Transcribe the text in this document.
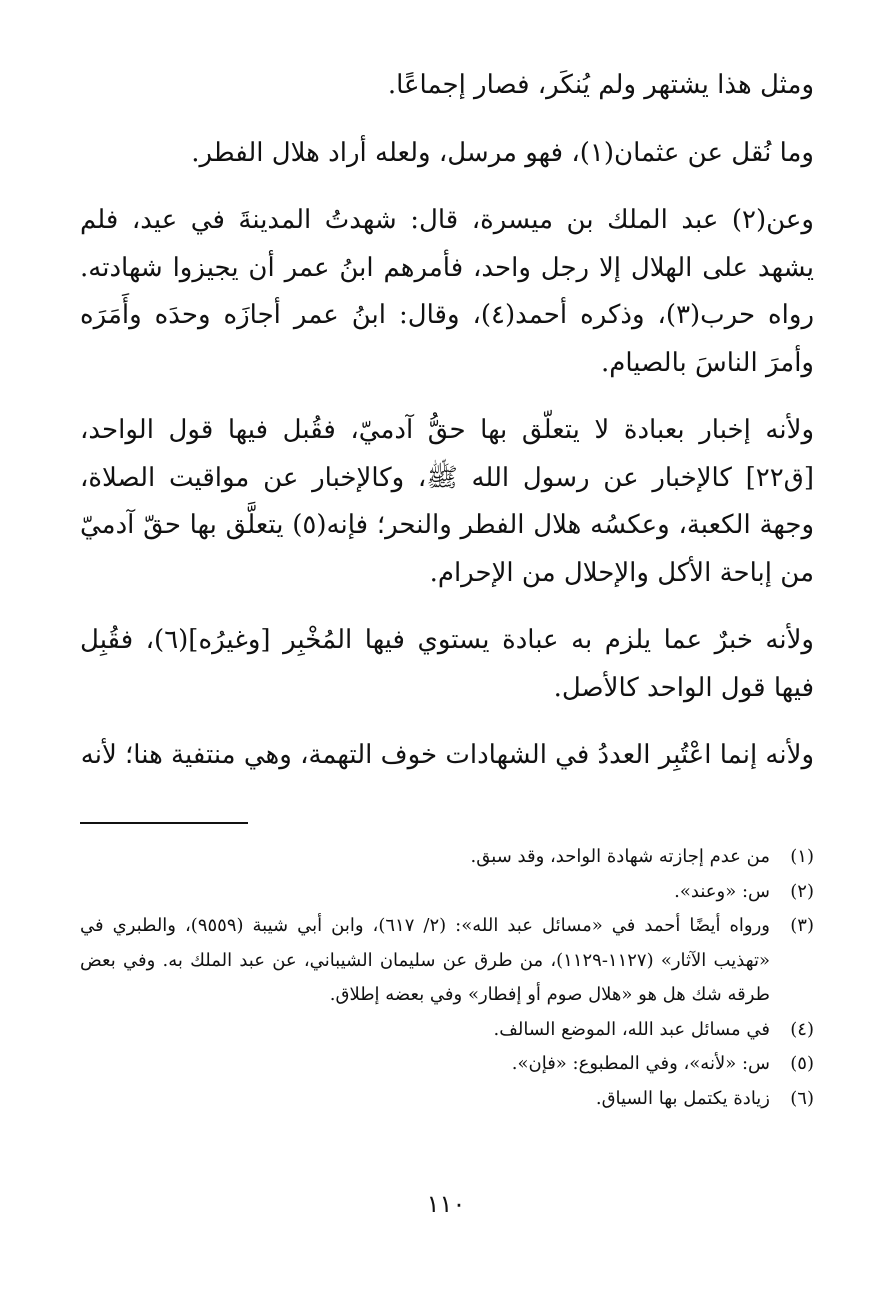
ومثل هذا يشتهر ولم يُنكَر، فصار إجماعًا.

وما نُقل عن عثمان(١)، فهو مرسل، ولعله أراد هلال الفطر.

وعن(٢) عبد الملك بن ميسرة، قال: شهدتُ المدينةَ في عيد، فلم يشهد على الهلال إلا رجل واحد، فأمرهم ابنُ عمر أن يجيزوا شهادته. رواه حرب(٣)، وذكره أحمد(٤)، وقال: ابنُ عمر أجازَه وحدَه وأَمَرَه وأمرَ الناسَ بالصيام.

ولأنه إخبار بعبادة لا يتعلّق بها حقُّ آدميّ، فقُبل فيها قول الواحد، [ق٢٢] كالإخبار عن رسول الله ﷺ، وكالإخبار عن مواقيت الصلاة، وجهة الكعبة، وعكسُه هلال الفطر والنحر؛ فإنه(٥) يتعلَّق بها حقّ آدميّ من إباحة الأكل والإحلال من الإحرام.

ولأنه خبرٌ عما يلزم به عبادة يستوي فيها المُخْبِر [وغيرُه](٦)، فقُبِل فيها قول الواحد كالأصل.

ولأنه إنما اعْتُبِر العددُ في الشهادات خوف التهمة، وهي منتفية هنا؛ لأنه

(١)
من عدم إجازته شهادة الواحد، وقد سبق.
(٢)
س: «وعند».
(٣)
ورواه أيضًا أحمد في «مسائل عبد الله»: (٢/ ٦١٧)، وابن أبي شيبة (٩٥٥٩)، والطبري في «تهذيب الآثار» (١١٢٧-١١٢٩)، من طرق عن سليمان الشيباني، عن عبد الملك به. وفي بعض طرقه شك هل هو «هلال صوم أو إفطار» وفي بعضه إطلاق.
(٤)
في مسائل عبد الله، الموضع السالف.
(٥)
س: «لأنه»، وفي المطبوع: «فإن».
(٦)
زيادة يكتمل بها السياق.
١١٠
